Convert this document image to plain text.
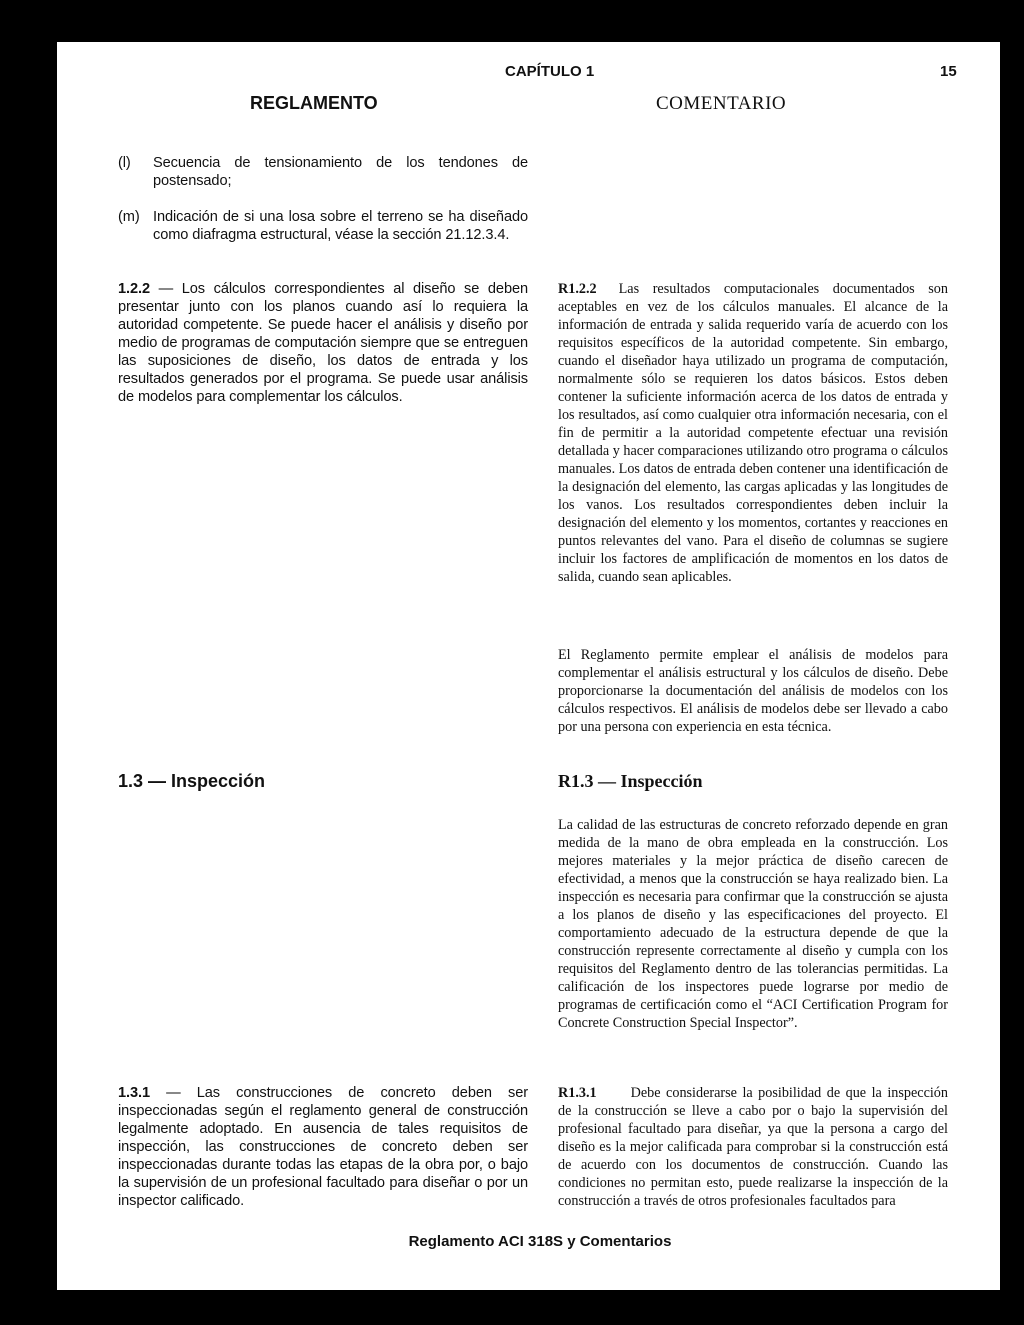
CAPÍTULO 1	15
REGLAMENTO	COMENTARIO
(l) Secuencia de tensionamiento de los tendones de postensado;
(m) Indicación de si una losa sobre el terreno se ha diseñado como diafragma estructural, véase la sección 21.12.3.4.
1.2.2 — Los cálculos correspondientes al diseño se deben presentar junto con los planos cuando así lo requiera la autoridad competente. Se puede hacer el análisis y diseño por medio de programas de computación siempre que se entreguen las suposiciones de diseño, los datos de entrada y los resultados generados por el programa. Se puede usar análisis de modelos para complementar los cálculos.
1.3 — Inspección
1.3.1 — Las construcciones de concreto deben ser inspeccionadas según el reglamento general de construcción legalmente adoptado. En ausencia de tales requisitos de inspección, las construcciones de concreto deben ser inspeccionadas durante todas las etapas de la obra por, o bajo la supervisión de un profesional facultado para diseñar o por un inspector calificado.
R1.2.2 Las resultados computacionales documentados son aceptables en vez de los cálculos manuales. El alcance de la información de entrada y salida requerido varía de acuerdo con los requisitos específicos de la autoridad competente. Sin embargo, cuando el diseñador haya utilizado un programa de computación, normalmente sólo se requieren los datos básicos. Estos deben contener la suficiente información acerca de los datos de entrada y los resultados, así como cualquier otra información necesaria, con el fin de permitir a la autoridad competente efectuar una revisión detallada y hacer comparaciones utilizando otro programa o cálculos manuales. Los datos de entrada deben contener una identificación de la designación del elemento, las cargas aplicadas y las longitudes de los vanos. Los resultados correspondientes deben incluir la designación del elemento y los momentos, cortantes y reacciones en puntos relevantes del vano. Para el diseño de columnas se sugiere incluir los factores de amplificación de momentos en los datos de salida, cuando sean aplicables.
El Reglamento permite emplear el análisis de modelos para complementar el análisis estructural y los cálculos de diseño. Debe proporcionarse la documentación del análisis de modelos con los cálculos respectivos. El análisis de modelos debe ser llevado a cabo por una persona con experiencia en esta técnica.
R1.3 — Inspección
La calidad de las estructuras de concreto reforzado depende en gran medida de la mano de obra empleada en la construcción. Los mejores materiales y la mejor práctica de diseño carecen de efectividad, a menos que la construcción se haya realizado bien. La inspección es necesaria para confirmar que la construcción se ajusta a los planos de diseño y las especificaciones del proyecto. El comportamiento adecuado de la estructura depende de que la construcción represente correctamente al diseño y cumpla con los requisitos del Reglamento dentro de las tolerancias permitidas. La calificación de los inspectores puede lograrse por medio de programas de certificación como el “ACI Certification Program for Concrete Construction Special Inspector”.
R1.3.1 Debe considerarse la posibilidad de que la inspección de la construcción se lleve a cabo por o bajo la supervisión del profesional facultado para diseñar, ya que la persona a cargo del diseño es la mejor calificada para comprobar si la construcción está de acuerdo con los documentos de construcción. Cuando las condiciones no permitan esto, puede realizarse la inspección de la construcción a través de otros profesionales facultados para
Reglamento ACI 318S y Comentarios
